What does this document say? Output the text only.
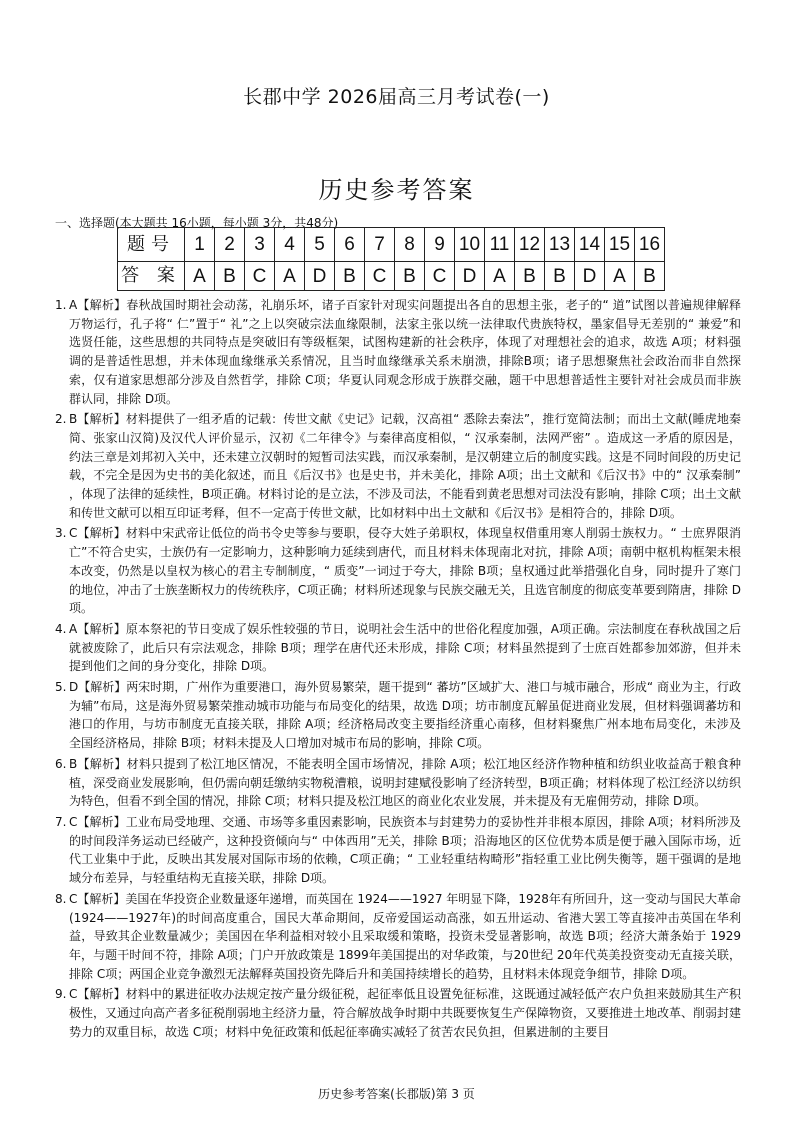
长郡中学 2026届高三月考试卷(一)
历史参考答案
一、选择题(本大题共 16小题，每小题 3分，共48分)
题号	1	2	3	4	5	6	7	8	9	10	11	12	13	14	15	16
答 案	A	B	C	A	D	B	C	B	C	D	A	B	B	D	A	B
1. A【解析】春秋战国时期社会动荡，礼崩乐坏，诸子百家针对现实问题提出各自的思想主张，老子的“ 道”试图以普遍规律解释万物运行，孔子将“ 仁”置于“ 礼”之上以突破宗法血缘限制，法家主张以统一法律取代贵族特权，墨家倡导无差别的“ 兼爱”和选贤任能，这些思想的共同特点是突破旧有等级框架，试图构建新的社会秩序，体现了对理想社会的追求，故选 A项；材料强调的是普适性思想，并未体现血缘继承关系情况，且当时血缘继承关系未崩溃，排除B项；诸子思想聚焦社会政治而非自然探索，仅有道家思想部分涉及自然哲学，排除 C项；华夏认同观念形成于族群交融，题干中思想普适性主要针对社会成员而非族群认同，排除 D项。
2. B【解析】材料提供了一组矛盾的记载：传世文献《史记》记载，汉高祖“ 悉除去秦法”，推行宽简法制；而出土文献(睡虎地秦简、张家山汉简)及汉代人评价显示，汉初《二年律令》与秦律高度相似，“ 汉承秦制，法网严密” 。造成这一矛盾的原因是，约法三章是刘邦初入关中，还未建立汉朝时的短暂司法实践，而汉承秦制，是汉朝建立后的制度实践。这是不同时间段的历史记载，不完全是因为史书的美化叙述，而且《后汉书》也是史书，并未美化，排除 A项；出土文献和《后汉书》中的“ 汉承秦制” ，体现了法律的延续性，B项正确。材料讨论的是立法，不涉及司法，不能看到黄老思想对司法没有影响，排除 C项；出土文献和传世文献可以相互印证考释，但不一定高于传世文献，比如材料中出土文献和《后汉书》是相符合的，排除 D项。
3. C【解析】材料中宋武帝让低位的尚书令史等参与要职，侵夺大姓子弟职权，体现皇权借重用寒人削弱士族权力。“ 士庶界限消亡”不符合史实，士族仍有一定影响力，这种影响力延续到唐代，而且材料未体现南北对抗，排除 A项；南朝中枢机构框架未根本改变，仍然是以皇权为核心的君主专制制度，“ 质变”一词过于夸大，排除 B项；皇权通过此举措强化自身，同时提升了寒门的地位，冲击了士族垄断权力的传统秩序，C项正确；材料所述现象与民族交融无关，且选官制度的彻底变革要到隋唐，排除 D项。
4. A【解析】原本祭祀的节日变成了娱乐性较强的节日，说明社会生活中的世俗化程度加强，A项正确。宗法制度在春秋战国之后就被废除了，此后只有宗法观念，排除 B项；理学在唐代还未形成，排除 C项；材料虽然提到了士庶百姓都参加郊游，但并未提到他们之间的身分变化，排除 D项。
5. D【解析】两宋时期，广州作为重要港口，海外贸易繁荣，题干提到“ 蕃坊”区域扩大、港口与城市融合，形成“ 商业为主，行政为辅”布局，这是海外贸易繁荣推动城市功能与布局变化的结果，故选 D项；坊市制度瓦解虽促进商业发展，但材料强调蕃坊和港口的作用，与坊市制度无直接关联，排除 A项；经济格局改变主要指经济重心南移，但材料聚焦广州本地布局变化，未涉及全国经济格局，排除 B项；材料未提及人口增加对城市布局的影响，排除 C项。
6. B【解析】材料只提到了松江地区情况，不能表明全国市场情况，排除 A项；松江地区经济作物种植和纺织业收益高于粮食种植，深受商业发展影响，但仍需向朝廷缴纳实物税漕粮，说明封建赋役影响了经济转型，B项正确；材料体现了松江经济以纺织为特色，但看不到全国的情况，排除 C项；材料只提及松江地区的商业化农业发展，并未提及有无雇佣劳动，排除 D项。
7. C【解析】工业布局受地理、交通、市场等多重因素影响，民族资本与封建势力的妥协性并非根本原因，排除 A项；材料所涉及的时间段洋务运动已经破产，这种投资倾向与“ 中体西用”无关，排除 B项；沿海地区的区位优势本质是便于融入国际市场，近代工业集中于此，反映出其发展对国际市场的依赖，C项正确；“ 工业轻重结构畸形”指轻重工业比例失衡等，题干强调的是地域分布差异，与轻重结构无直接关联，排除 D项。
8. C【解析】美国在华投资企业数量逐年递增，而英国在 1924——1927 年明显下降，1928年有所回升，这一变动与国民大革命(1924——1927年)的时间高度重合，国民大革命期间，反帝爱国运动高涨，如五卅运动、省港大罢工等直接冲击英国在华利益，导致其企业数量减少；美国因在华利益相对较小且采取缓和策略，投资未受显著影响，故选 B项；经济大萧条始于 1929年，与题干时间不符，排除 A项；门户开放政策是 1899年美国提出的对华政策，与20世纪 20年代英美投资变动无直接关联，排除 C项；两国企业竞争激烈无法解释英国投资先降后升和美国持续增长的趋势，且材料未体现竞争细节，排除 D项。
9. C【解析】材料中的累进征收办法规定按产量分级征税，起征率低且设置免征标准，这既通过减轻低产农户负担来鼓励其生产积极性，又通过向高产者多征税削弱地主经济力量，符合解放战争时期中共既要恢复生产保障物资，又要推进土地改革、削弱封建势力的双重目标，故选 C项；材料中免征政策和低起征率确实减轻了贫苦农民负担，但累进制的主要目
历史参考答案(长郡版)第 3 页
